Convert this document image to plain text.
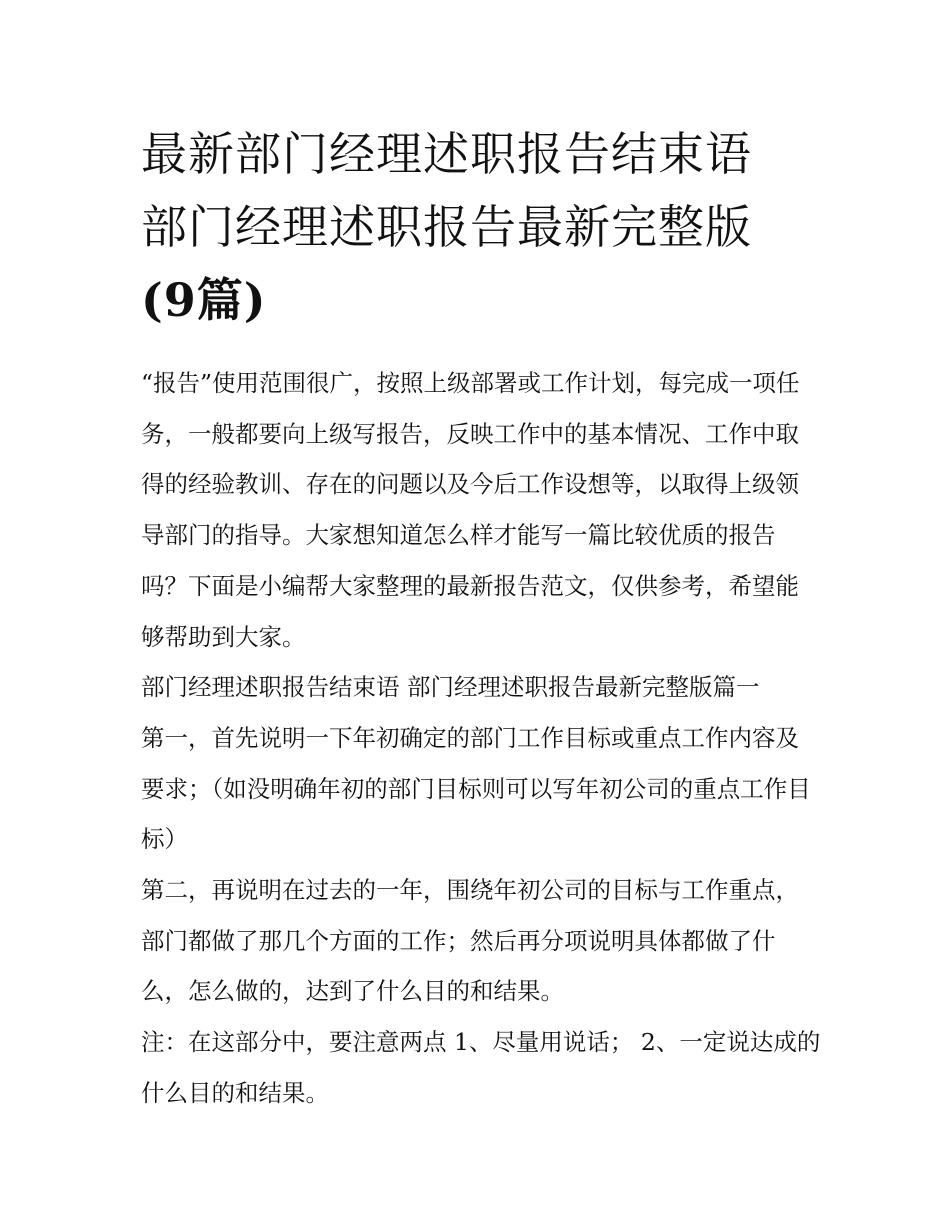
最新部门经理述职报告结束语
部门经理述职报告最新完整版
(9篇)

“报告”使用范围很广，按照上级部署或工作计划，每完成一项任务，一般都要向上级写报告，反映工作中的基本情况、工作中取得的经验教训、存在的问题以及今后工作设想等，以取得上级领导部门的指导。大家想知道怎么样才能写一篇比较优质的报告吗？下面是小编帮大家整理的最新报告范文，仅供参考，希望能够帮助到大家。

部门经理述职报告结束语 部门经理述职报告最新完整版篇一

第一，首先说明一下年初确定的部门工作目标或重点工作内容及要求；（如没明确年初的部门目标则可以写年初公司的重点工作目标）

第二，再说明在过去的一年，围绕年初公司的目标与工作重点，部门都做了那几个方面的工作；然后再分项说明具体都做了什么，怎么做的，达到了什么目的和结果。

注：在这部分中，要注意两点 1、尽量用说话； 2、一定说达成的什么目的和结果。
